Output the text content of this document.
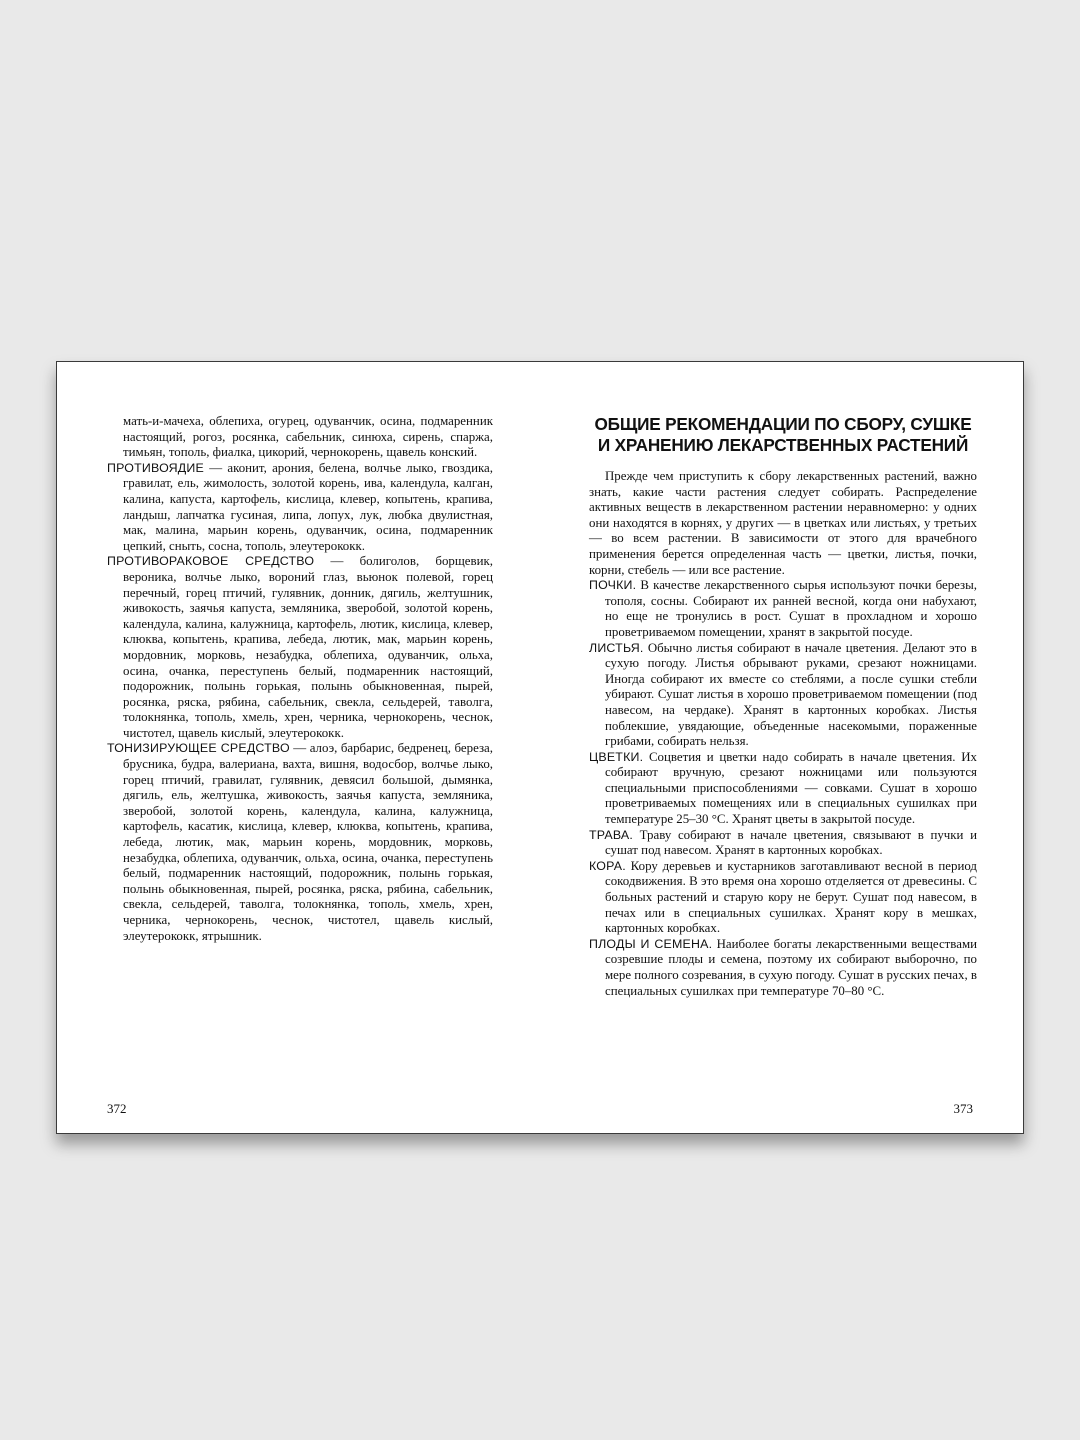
мать-и-мачеха, облепиха, огурец, одуванчик, осина, подмаренник настоящий, рогоз, росянка, сабельник, синюха, сирень, спаржа, тимьян, тополь, фиалка, цикорий, чернокорень, щавель конский.

ПРОТИВОЯДИЕ — аконит, арония, белена, волчье лыко, гвоздика, гравилат, ель, жимолость, золотой корень, ива, календула, калган, калина, капуста, картофель, кислица, клевер, копытень, крапива, ландыш, лапчатка гусиная, липа, лопух, лук, любка двулистная, мак, малина, марьин корень, одуванчик, осина, подмаренник цепкий, сныть, сосна, тополь, элеутерококк.

ПРОТИВОРАКОВОЕ СРЕДСТВО — болиголов, борщевик, вероника, волчье лыко, вороний глаз, вьюнок полевой, горец перечный, горец птичий, гулявник, донник, дягиль, желтушник, живокость, заячья капуста, земляника, зверобой, золотой корень, календула, калина, калужница, картофель, лютик, кислица, клевер, клюква, копытень, крапива, лебеда, лютик, мак, марьин корень, мордовник, морковь, незабудка, облепиха, одуванчик, ольха, осина, очанка, переступень белый, подмаренник настоящий, подорожник, полынь горькая, полынь обыкновенная, пырей, росянка, ряска, рябина, сабельник, свекла, сельдерей, таволга, толокнянка, тополь, хмель, хрен, черника, чернокорень, чеснок, чистотел, щавель кислый, элеутерококк.

ТОНИЗИРУЮЩЕЕ СРЕДСТВО — алоэ, барбарис, бедренец, береза, брусника, будра, валериана, вахта, вишня, водосбор, волчье лыко, горец птичий, гравилат, гулявник, девясил большой, дымянка, дягиль, ель, желтушка, живокость, заячья капуста, земляника, зверобой, золотой корень, календула, калина, калужница, картофель, касатик, кислица, клевер, клюква, копытень, крапива, лебеда, лютик, мак, марьин корень, мордовник, морковь, незабудка, облепиха, одуванчик, ольха, осина, очанка, переступень белый, подмаренник настоящий, подорожник, полынь горькая, полынь обыкновенная, пырей, росянка, ряска, рябина, сабельник, свекла, сельдерей, таволга, толокнянка, тополь, хмель, хрен, черника, чернокорень, чеснок, чистотел, щавель кислый, элеутерококк, ятрышник.

ОБЩИЕ РЕКОМЕНДАЦИИ ПО СБОРУ, СУШКЕ
И ХРАНЕНИЮ ЛЕКАРСТВЕННЫХ РАСТЕНИЙ

Прежде чем приступить к сбору лекарственных растений, важно знать, какие части растения следует собирать. Распределение активных веществ в лекарственном растении неравномерно: у одних они находятся в корнях, у других — в цветках или листьях, у третьих — во всем растении. В зависимости от этого для врачебного применения берется определенная часть — цветки, листья, почки, корни, стебель — или все растение.

ПОЧКИ. В качестве лекарственного сырья используют почки березы, тополя, сосны. Собирают их ранней весной, когда они набухают, но еще не тронулись в рост. Сушат в прохладном и хорошо проветриваемом помещении, хранят в закрытой посуде.

ЛИСТЬЯ. Обычно листья собирают в начале цветения. Делают это в сухую погоду. Листья обрывают руками, срезают ножницами. Иногда собирают их вместе со стеблями, а после сушки стебли убирают. Сушат листья в хорошо проветриваемом помещении (под навесом, на чердаке). Хранят в картонных коробках. Листья поблекшие, увядающие, объеденные насекомыми, пораженные грибами, собирать нельзя.

ЦВЕТКИ. Соцветия и цветки надо собирать в начале цветения. Их собирают вручную, срезают ножницами или пользуются специальными приспособлениями — совками. Сушат в хорошо проветриваемых помещениях или в специальных сушилках при температуре 25–30 °С. Хранят цветы в закрытой посуде.

ТРАВА. Траву собирают в начале цветения, связывают в пучки и сушат под навесом. Хранят в картонных коробках.

КОРА. Кору деревьев и кустарников заготавливают весной в период сокодвижения. В это время она хорошо отделяется от древесины. С больных растений и старую кору не берут. Сушат под навесом, в печах или в специальных сушилках. Хранят кору в мешках, картонных коробках.

ПЛОДЫ И СЕМЕНА. Наиболее богаты лекарственными веществами созревшие плоды и семена, поэтому их собирают выборочно, по мере полного созревания, в сухую погоду. Сушат в русских печах, в специальных сушилках при температуре 70–80 °С.

372	373
